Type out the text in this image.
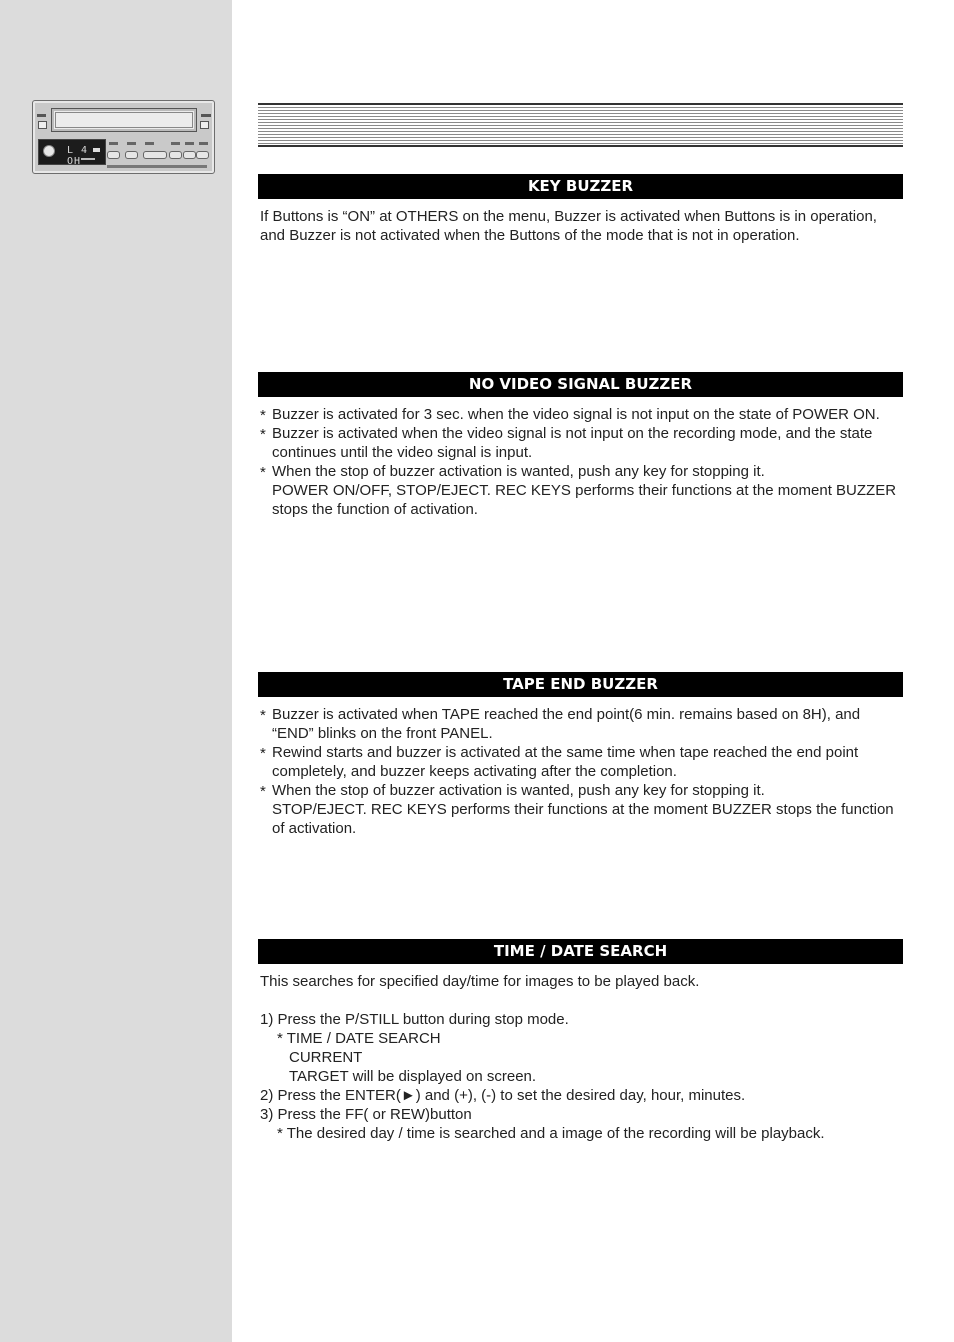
L 4 OH
KEY BUZZER

If Buttons is “ON” at OTHERS on the menu, Buzzer is activated when Buttons is in operation, and Buzzer is not activated when the Buttons of the mode that is not in operation.

NO VIDEO SIGNAL BUZZER

* Buzzer is activated for 3 sec. when the video signal is not input on the state of POWER ON.

* Buzzer is activated when the video signal is not input on the recording mode, and the state

continues until the video signal is input.

* When the stop of buzzer activation is wanted, push any key for stopping it.

POWER ON/OFF, STOP/EJECT. REC KEYS performs their functions at the moment BUZZER

stops the function of activation.

TAPE END BUZZER

* Buzzer is activated when TAPE reached the end point(6 min. remains based on 8H), and

“END” blinks on the front PANEL.

* Rewind starts and buzzer is activated at the same time when tape reached the end point

completely, and buzzer keeps activating after the completion.

* When the stop of buzzer activation is wanted, push any key for stopping it.

STOP/EJECT. REC KEYS performs their functions at the moment BUZZER stops the function

of activation.

TIME / DATE SEARCH

This searches for specified day/time for images to be played back.

1) Press the P/STILL button during stop mode.

* TIME / DATE SEARCH

CURRENT

TARGET will be displayed on screen.

2) Press the ENTER(►) and (+), (-) to set the desired day, hour, minutes.

3) Press the FF( or REW)button

* The desired day / time is searched and a image of the recording will be playback.
